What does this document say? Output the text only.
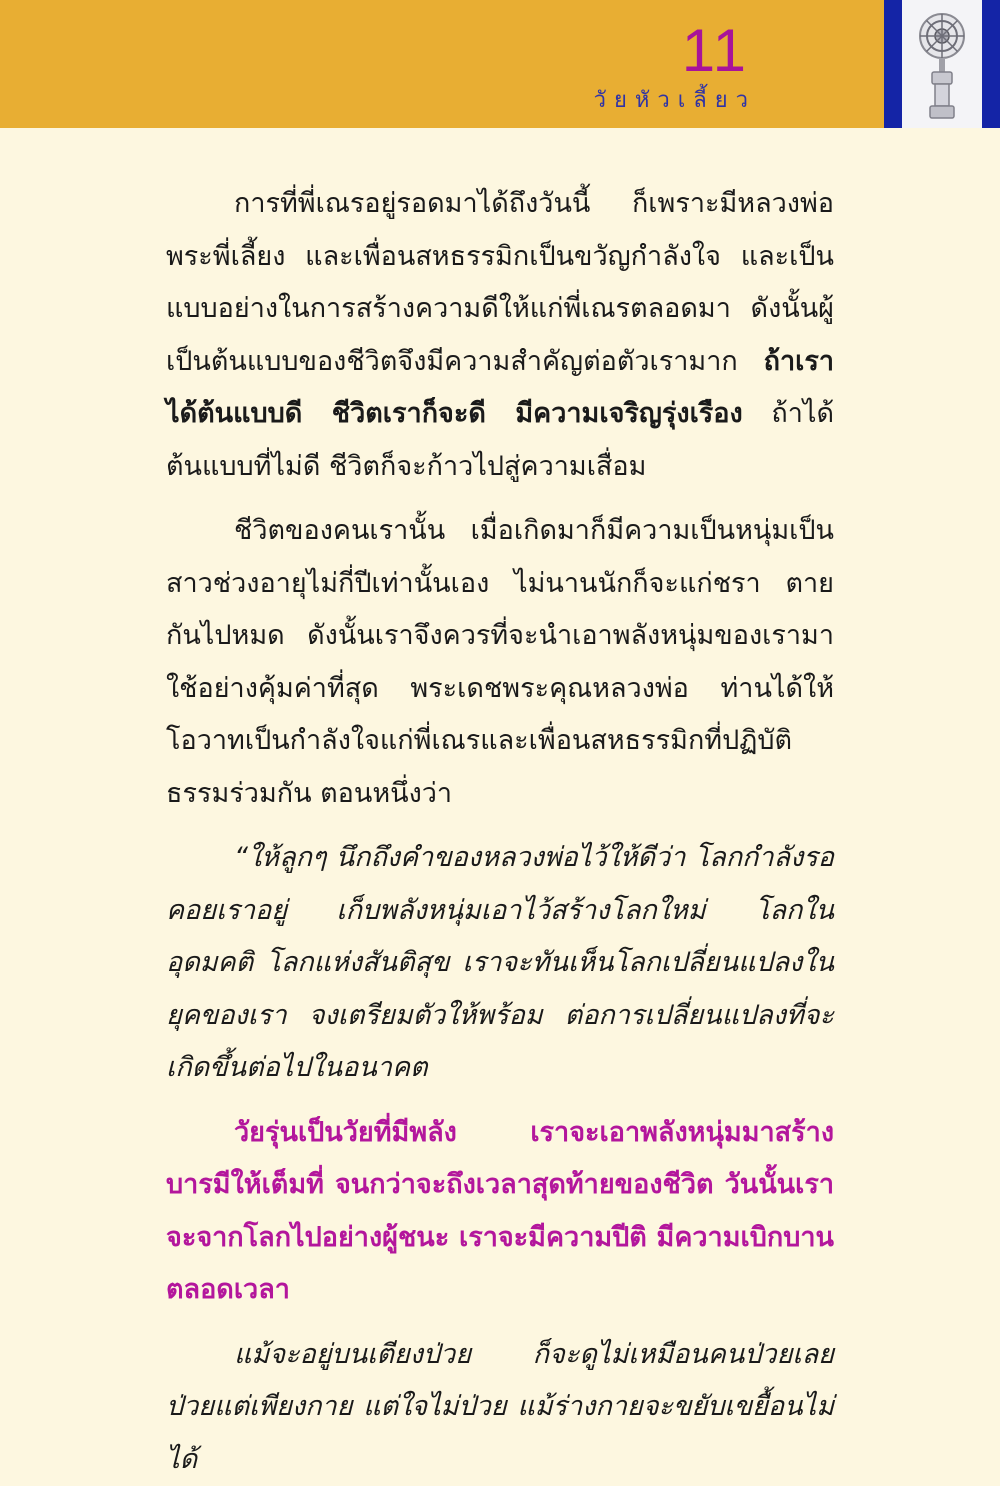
11
วัยหัวเลี้ยว

การที่พี่เณรอยู่รอดมาได้ถึงวันนี้ ก็เพราะมีหลวงพ่อ พระพี่เลี้ยง และเพื่อนสหธรรมิกเป็นขวัญกำลังใจ และเป็นแบบอย่างในการสร้างความดีให้แก่พี่เณรตลอดมา ดังนั้นผู้เป็นต้นแบบของชีวิตจึงมีความสำคัญต่อตัวเรามาก ถ้าเราได้ต้นแบบดี ชีวิตเราก็จะดี มีความเจริญรุ่งเรือง ถ้าได้ต้นแบบที่ไม่ดี ชีวิตก็จะก้าวไปสู่ความเสื่อม

ชีวิตของคนเรานั้น เมื่อเกิดมาก็มีความเป็นหนุ่มเป็นสาวช่วงอายุไม่กี่ปีเท่านั้นเอง ไม่นานนักก็จะแก่ชรา ตายกันไปหมด ดังนั้นเราจึงควรที่จะนำเอาพลังหนุ่มของเรามาใช้อย่างคุ้มค่าที่สุด พระเดชพระคุณหลวงพ่อ ท่านได้ให้โอวาทเป็นกำลังใจแก่พี่เณรและเพื่อนสหธรรมิกที่ปฏิบัติธรรมร่วมกัน ตอนหนึ่งว่า

“ให้ลูกๆ นึกถึงคำของหลวงพ่อไว้ให้ดีว่า โลกกำลังรอคอยเราอยู่ เก็บพลังหนุ่มเอาไว้สร้างโลกใหม่ โลกในอุดมคติ โลกแห่งสันติสุข เราจะทันเห็นโลกเปลี่ยนแปลงในยุคของเรา จงเตรียมตัวให้พร้อม ต่อการเปลี่ยนแปลงที่จะเกิดขึ้นต่อไปในอนาคต

วัยรุ่นเป็นวัยที่มีพลัง เราจะเอาพลังหนุ่มมาสร้างบารมีให้เต็มที่ จนกว่าจะถึงเวลาสุดท้ายของชีวิต วันนั้นเราจะจากโลกไปอย่างผู้ชนะ เราจะมีความปีติ มีความเบิกบานตลอดเวลา

แม้จะอยู่บนเตียงป่วย ก็จะดูไม่เหมือนคนป่วยเลย ป่วยแต่เพียงกาย แต่ใจไม่ป่วย แม้ร่างกายจะขยับเขยื้อนไม่ได้
